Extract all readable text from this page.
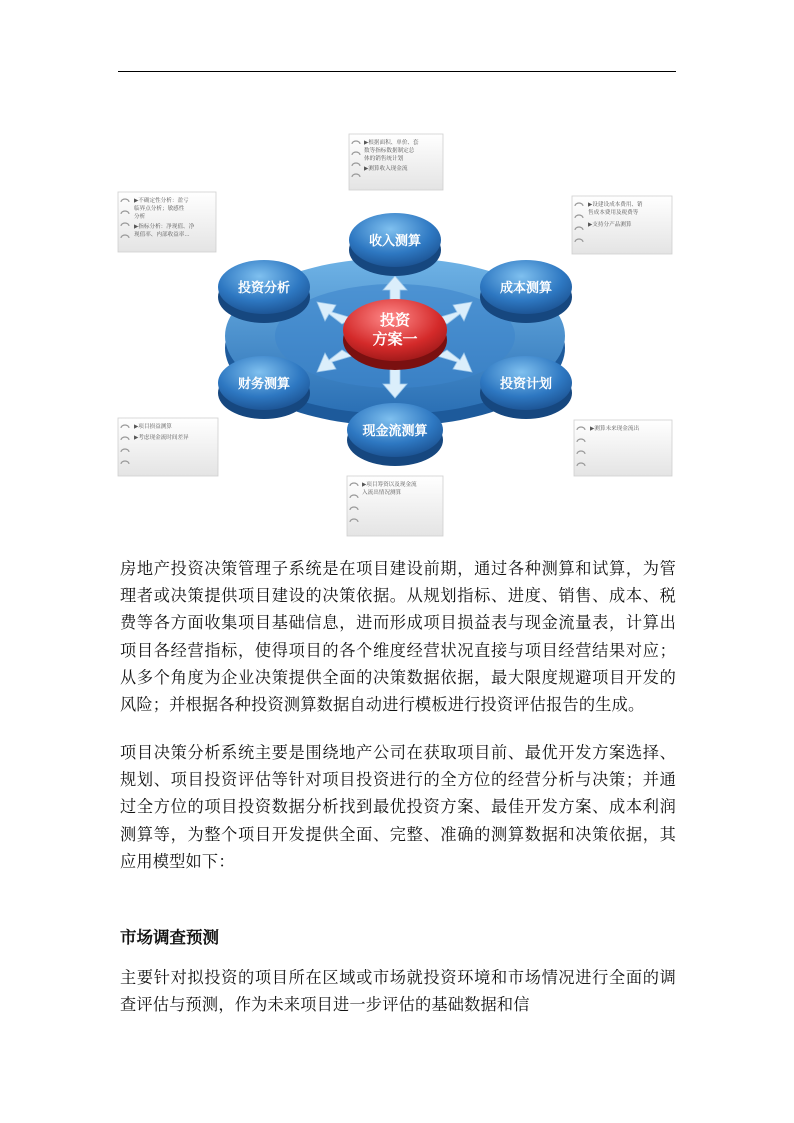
收入测算
成本测算
投资计划
现金流测算
财务测算
投资分析
投资
方案一
▶根据面积、单价、套
数等指标数据制定总
体的销售统计划
▶测算收入现金流
▶不确定性分析：盈亏
临界点分析；敏感性
分析
▶指标分析：净现值、净
现值率、内部收益率...
▶设建设成本费用、销
售成本费用及税费等
▶支持分产品测算
▶项目损益测算
▶考虑现金流时间差异
▶测算未来现金流出
▶项目筹资以及现金流
入流出情况测算

房地产投资决策管理子系统是在项目建设前期，通过各种测算和试算，为管理者或决策提供项目建设的决策依据。从规划指标、进度、销售、成本、税费等各方面收集项目基础信息，进而形成项目损益表与现金流量表，计算出项目各经营指标，使得项目的各个维度经营状况直接与项目经营结果对应；从多个角度为企业决策提供全面的决策数据依据，最大限度规避项目开发的风险；并根据各种投资测算数据自动进行模板进行投资评估报告的生成。

项目决策分析系统主要是围绕地产公司在获取项目前、最优开发方案选择、规划、项目投资评估等针对项目投资进行的全方位的经营分析与决策；并通过全方位的项目投资数据分析找到最优投资方案、最佳开发方案、成本利润测算等，为整个项目开发提供全面、完整、准确的测算数据和决策依据，其应用模型如下：

市场调查预测

主要针对拟投资的项目所在区域或市场就投资环境和市场情况进行全面的调查评估与预测，作为未来项目进一步评估的基础数据和信
